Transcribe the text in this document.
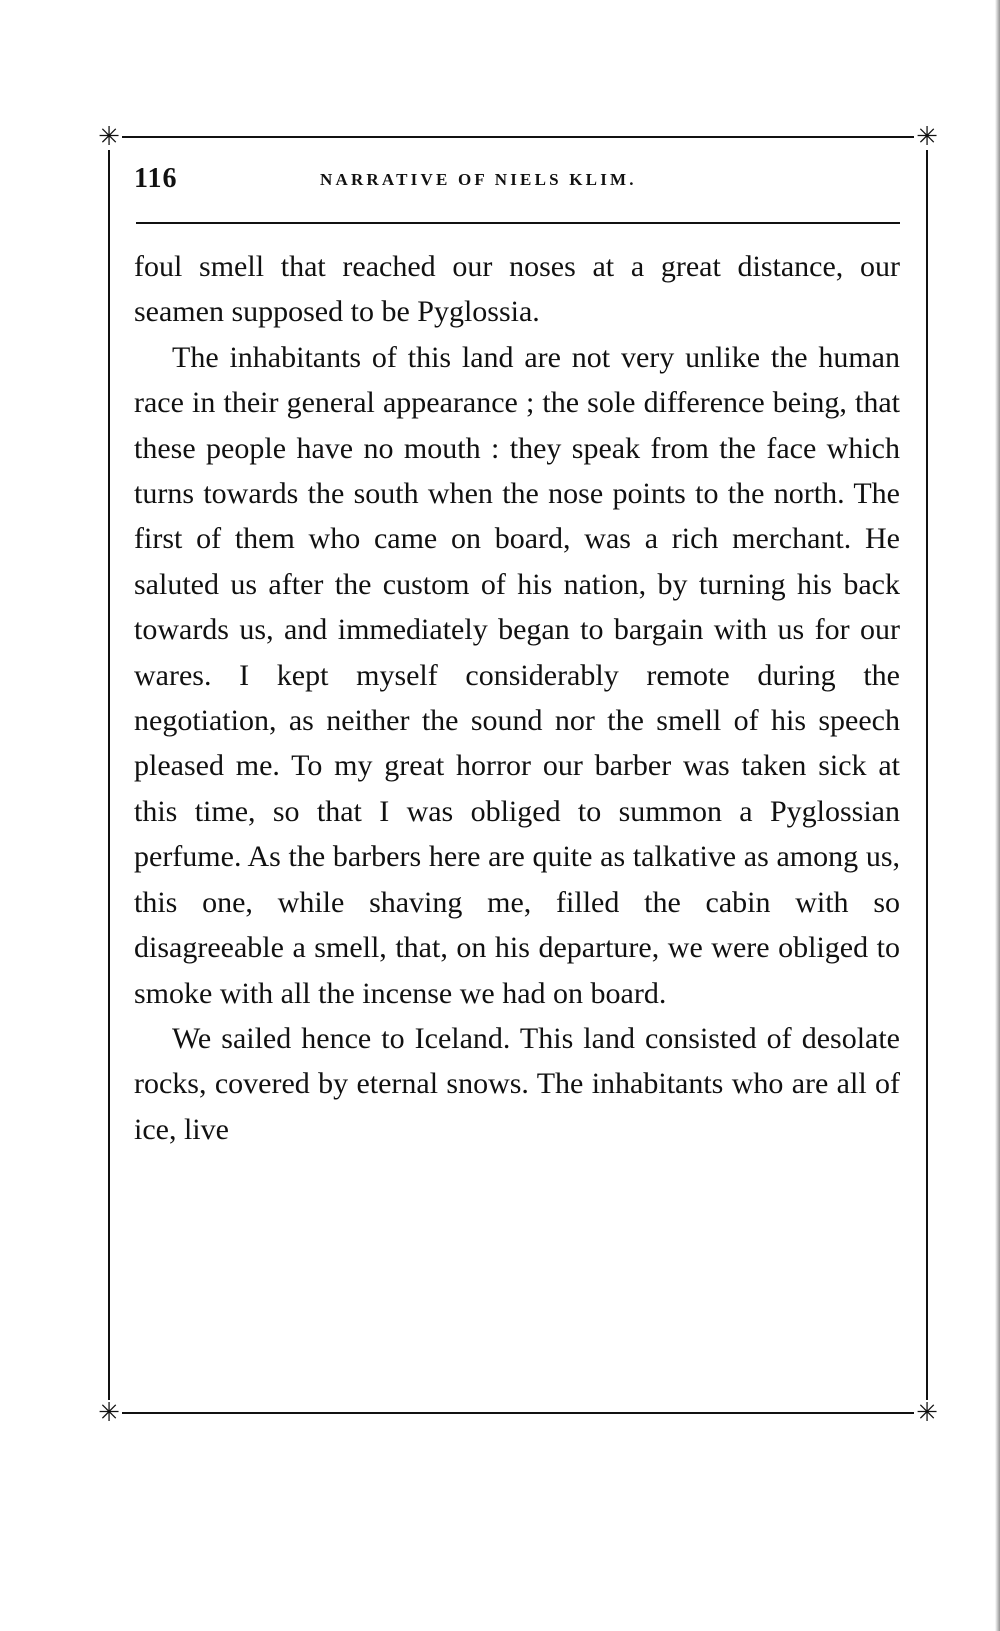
✳	✳
✳	✳
116	NARRATIVE OF NIELS KLIM.

foul smell that reached our noses at a great distance, our seamen supposed to be Pyglossia.

The inhabitants of this land are not very unlike the human race in their general appearance ; the sole difference being, that these people have no mouth : they speak from the face which turns towards the south when the nose points to the north. The first of them who came on board, was a rich merchant. He saluted us after the custom of his nation, by turning his back towards us, and immediately began to bargain with us for our wares. I kept myself considerably remote during the negotiation, as neither the sound nor the smell of his speech pleased me. To my great horror our barber was taken sick at this time, so that I was obliged to summon a Pyglossian perfume. As the barbers here are quite as talkative as among us, this one, while shaving me, filled the cabin with so disagreeable a smell, that, on his departure, we were obliged to smoke with all the incense we had on board.

We sailed hence to Iceland. This land consisted of desolate rocks, covered by eternal snows. The inhabitants who are all of ice, live
